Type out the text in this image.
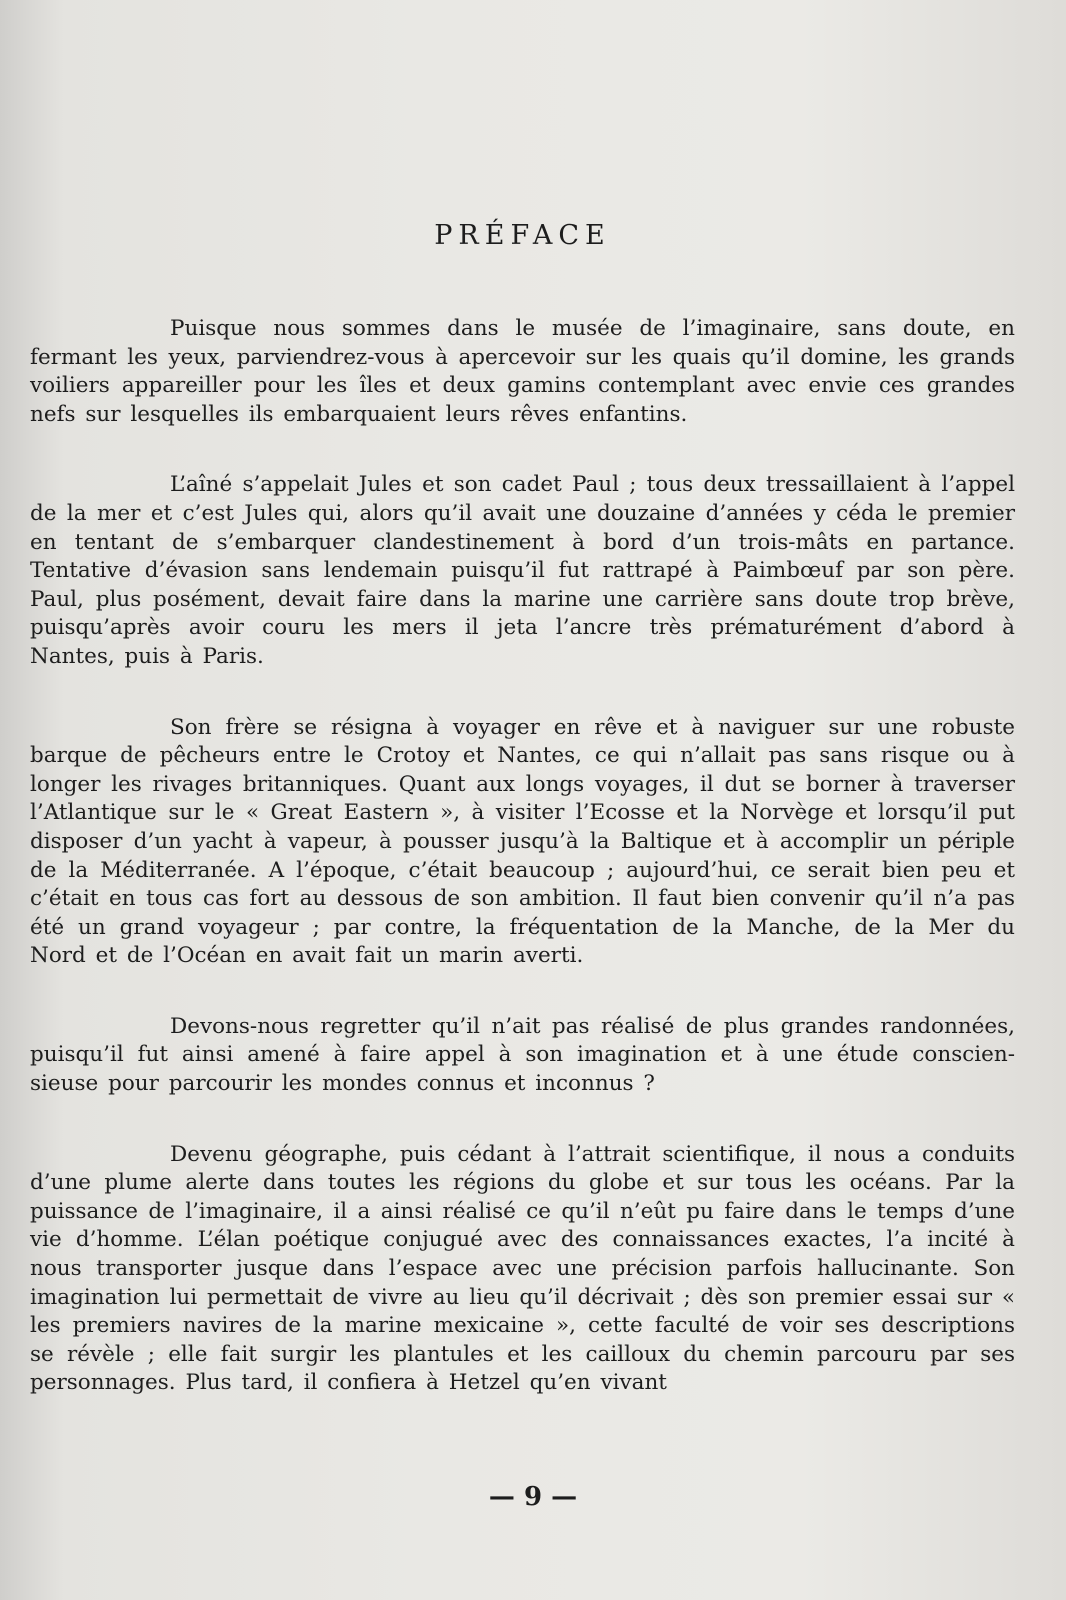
PRÉFACE

Puisque nous sommes dans le musée de l’imaginaire, sans doute, en fermant les yeux, parviendrez-vous à apercevoir sur les quais qu’il domine, les grands voiliers appareiller pour les îles et deux gamins contemplant avec envie ces grandes nefs sur lesquelles ils embarquaient leurs rêves enfantins.

L’aîné s’appelait Jules et son cadet Paul ; tous deux tressaillaient à l’appel de la mer et c’est Jules qui, alors qu’il avait une douzaine d’années y céda le premier en tentant de s’embarquer clandestinement à bord d’un trois-mâts en partance. Tentative d’évasion sans lendemain puisqu’il fut rattrapé à Paimbœuf par son père. Paul, plus posément, devait faire dans la marine une carrière sans doute trop brève, puisqu’après avoir couru les mers il jeta l’ancre très prématurément d’abord à Nantes, puis à Paris.

Son frère se résigna à voyager en rêve et à naviguer sur une robuste barque de pêcheurs entre le Crotoy et Nantes, ce qui n’allait pas sans risque ou à longer les rivages britanniques. Quant aux longs voyages, il dut se borner à traverser l’Atlantique sur le « Great Eastern », à visiter l’Ecosse et la Norvège et lorsqu’il put disposer d’un yacht à vapeur, à pousser jusqu’à la Baltique et à accomplir un périple de la Méditerranée. A l’époque, c’était beaucoup ; aujourd’hui, ce serait bien peu et c’était en tous cas fort au dessous de son ambition. Il faut bien convenir qu’il n’a pas été un grand voyageur ; par contre, la fréquentation de la Manche, de la Mer du Nord et de l’Océan en avait fait un marin averti.

Devons-nous regretter qu’il n’ait pas réalisé de plus grandes randonnées, puisqu’il fut ainsi amené à faire appel à son imagination et à une étude conscien-sieuse pour parcourir les mondes connus et inconnus ?

Devenu géographe, puis cédant à l’attrait scientifique, il nous a conduits d’une plume alerte dans toutes les régions du globe et sur tous les océans. Par la puissance de l’imaginaire, il a ainsi réalisé ce qu’il n’eût pu faire dans le temps d’une vie d’homme. L’élan poétique conjugué avec des connaissances exactes, l’a incité à nous transporter jusque dans l’espace avec une précision parfois hallucinante. Son imagination lui permettait de vivre au lieu qu’il décrivait ; dès son premier essai sur « les premiers navires de la marine mexicaine », cette faculté de voir ses descriptions se révèle ; elle fait surgir les plantules et les cailloux du chemin parcouru par ses personnages. Plus tard, il confiera à Hetzel qu’en vivant

— 9 —
